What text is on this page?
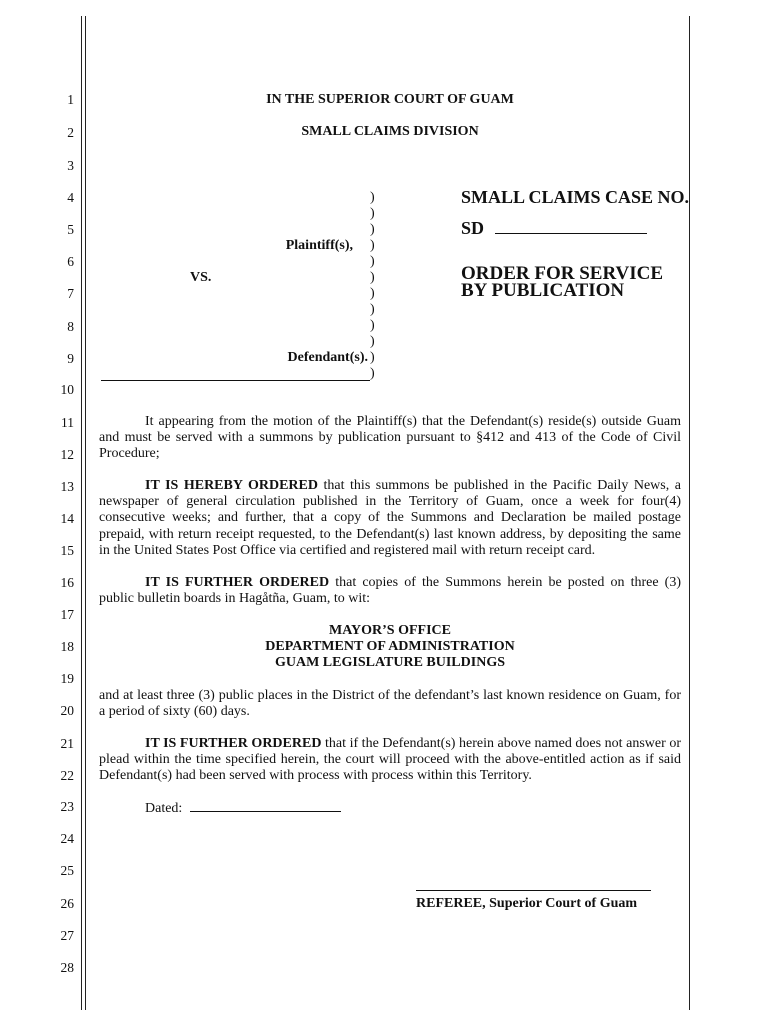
1
2
3
4
5
6
7
8
9
10
11
12
13
14
15
16
17
18
19
20
21
22
23
24
25
26
27
28
IN THE SUPERIOR COURT OF GUAM
SMALL CLAIMS DIVISION
)
)
)
)
)
)
)
)
)
)
)
)
Plaintiff(s),
VS.
Defendant(s).
SMALL CLAIMS CASE NO.
SD
ORDER FOR SERVICE
BY PUBLICATION
It appearing from the motion of the Plaintiff(s) that the Defendant(s) reside(s) outside Guam and must be served with a summons by publication pursuant to §412 and 413 of the Code of Civil Procedure;
IT IS HEREBY ORDERED that this summons be published in the Pacific Daily News, a newspaper of general circulation published in the Territory of Guam, once a week for four(4) consecutive weeks; and further, that a copy of the Summons and Declaration be mailed postage prepaid, with return receipt requested, to the Defendant(s) last known address, by depositing the same in the United States Post Office via certified and registered mail with return receipt card.
IT IS FURTHER ORDERED that copies of the Summons herein be posted on three (3) public bulletin boards in Hagåtña, Guam, to wit:
MAYOR’S OFFICE
DEPARTMENT OF ADMINISTRATION
GUAM LEGISLATURE BUILDINGS
and at least three (3) public places in the District of the defendant’s last known residence on Guam, for a period of sixty (60) days.
IT IS FURTHER ORDERED that if the Defendant(s) herein above named does not answer or plead within the time specified herein, the court will proceed with the above-entitled action as if said Defendant(s) had been served with process with process within this Territory.
Dated:
REFEREE, Superior Court of Guam
